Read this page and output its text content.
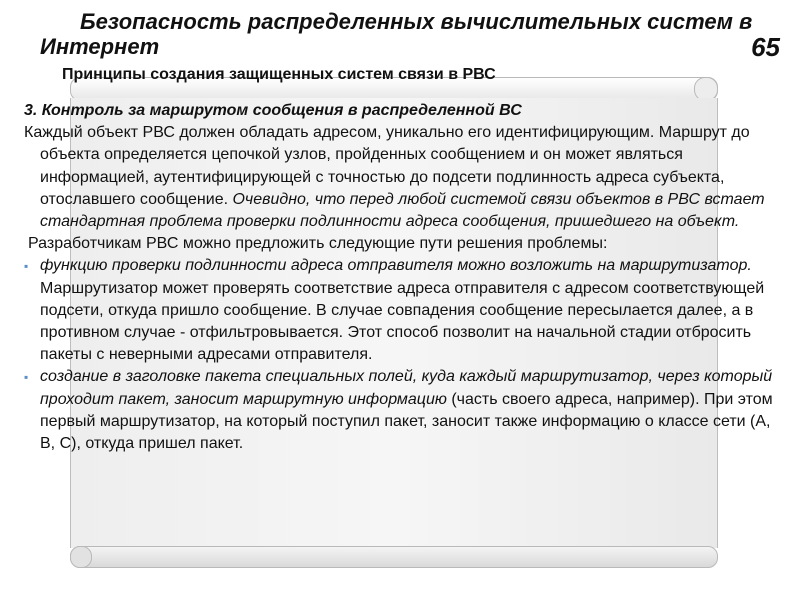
Безопасность распределенных вычислительных систем в
Интернет	65
Принципы создания защищенных систем связи в РВС
3. Контроль за маршрутом сообщения в распределенной ВС
Каждый объект РВС должен обладать адресом, уникально его идентифицирующим. Маршрут до объекта определяется цепочкой узлов, пройденных сообщением и он может являться информацией, аутентифицирующей с точностью до подсети подлинность адреса субъекта, отославшего сообщение. Очевидно, что перед любой системой связи объектов в РВС встает стандартная проблема проверки подлинности адреса сообщения, пришедшего на объект.
Разработчикам РВС можно предложить следующие пути решения проблемы:
▪ функцию проверки подлинности адреса отправителя можно возложить на маршрутизатор. Маршрутизатор может проверять соответствие адреса отправителя с адресом соответствующей подсети, откуда пришло сообщение. В случае совпадения сообщение пересылается далее, а в противном случае - отфильтровывается. Этот способ позволит на начальной стадии отбросить пакеты с неверными адресами отправителя.
▪ создание в заголовке пакета специальных полей, куда каждый маршрутизатор, через который проходит пакет, заносит маршрутную информацию (часть своего адреса, например). При этом первый маршрутизатор, на который поступил пакет, заносит также информацию о классе сети (А, В, С), откуда пришел пакет.
